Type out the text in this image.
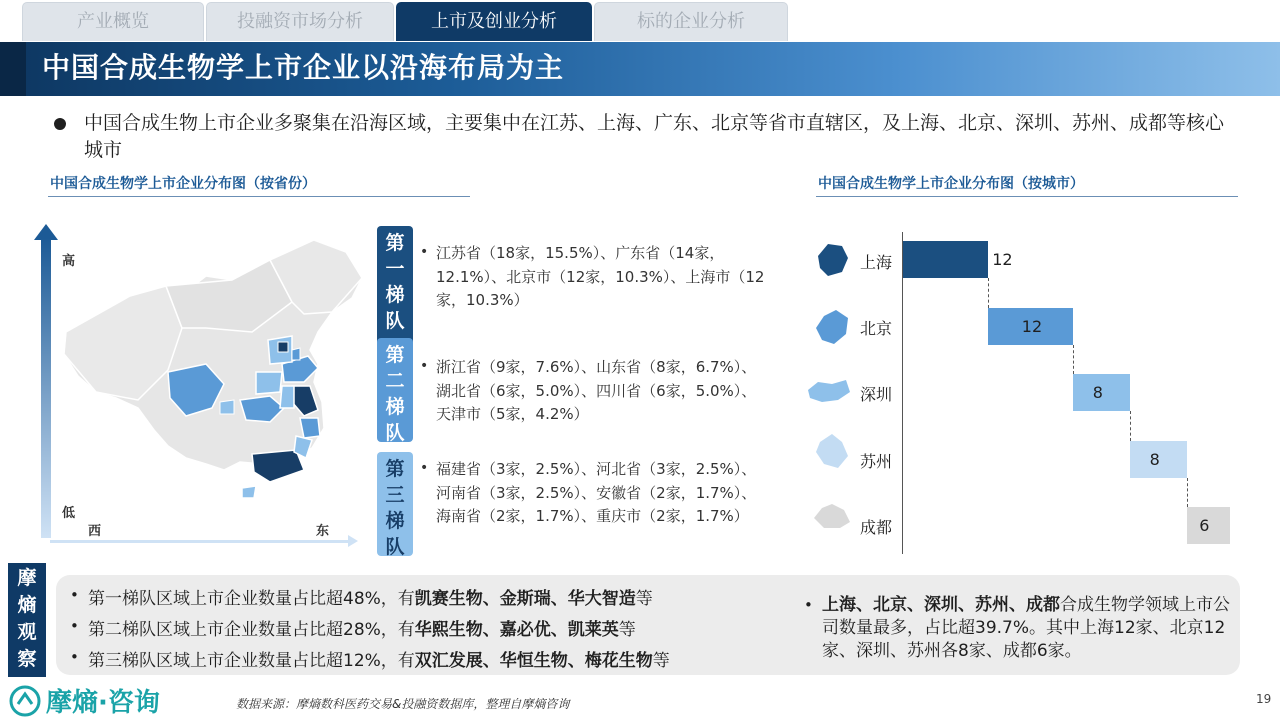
产业概览	投融资市场分析	上市及创业分析	标的企业分析
中国合成生物学上市企业以沿海布局为主
中国合成生物上市企业多聚集在沿海区域，主要集中在江苏、上海、广东、北京等省市直辖区，及上海、北京、深圳、苏州、成都等核心城市
中国合成生物学上市企业分布图（按省份）	中国合成生物学上市企业分布图（按城市）
高
低
西	东
第
一
梯
队
• 江苏省（18家，15.5%）、广东省（14家，12.1%）、北京市（12家，10.3%）、上海市（12家，10.3%）
第
二
梯
队
• 浙江省（9家，7.6%）、山东省（8家，6.7%）、湖北省（6家，5.0%）、四川省（6家，5.0%）、天津市（5家，4.2%）
第
三
梯
队
• 福建省（3家，2.5%）、河北省（3家，2.5%）、河南省（3家，2.5%）、安徽省（2家，1.7%）、海南省（2家，1.7%）、重庆市（2家，1.7%）
上海
北京
深圳
苏州
成都
12
12
8
8
6
摩
熵
观
察
• 第一梯队区域上市企业数量占比超48%，有凯赛生物、金斯瑞、华大智造等
• 第二梯队区域上市企业数量占比超28%，有华熙生物、嘉必优、凯莱英等
• 第三梯队区域上市企业数量占比超12%，有双汇发展、华恒生物、梅花生物等
• 上海、北京、深圳、苏州、成都合成生物学领域上市公司数量最多，占比超39.7%。其中上海12家、北京12家、深圳、苏州各8家、成都6家。
摩熵·咨询	数据来源：摩熵数科医药交易&投融资数据库，整理自摩熵咨询	19
